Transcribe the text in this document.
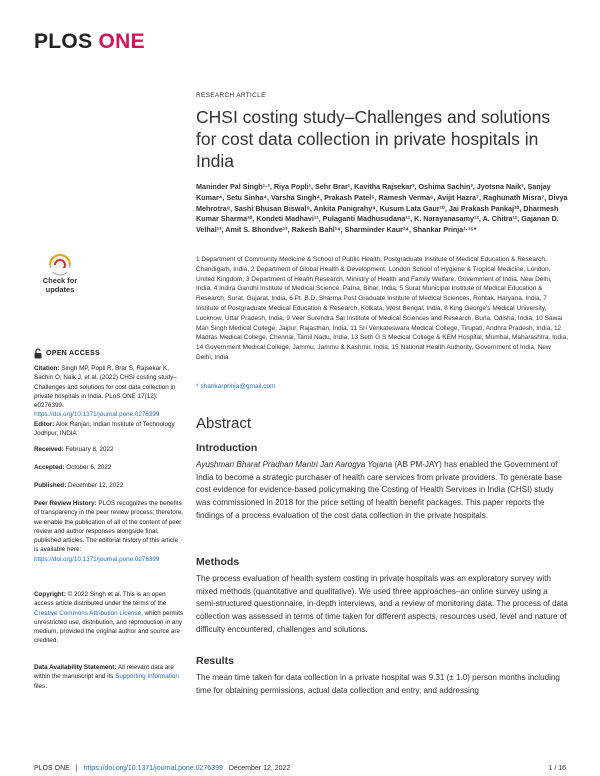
PLOS ONE
Check for
updates
OPEN ACCESS
Citation: Singh MP, Popli R, Brar S, Rajsekar K, Sachin O, Naik J, et al. (2022) CHSI costing study–Challenges and solutions for cost data collection in private hospitals in India. PLoS ONE 17(12): e0276399. https://doi.org/10.1371/journal.pone.0276399
Editor: Alok Ranjan, Indian Institute of Technology Jodhpur, INDIA
Received: February 8, 2022
Accepted: October 6, 2022
Published: December 12, 2022
Peer Review History: PLOS recognizes the benefits of transparency in the peer review process; therefore, we enable the publication of all of the content of peer review and author responses alongside final, published articles. The editorial history of this article is available here: https://doi.org/10.1371/journal.pone.0276399
Copyright: © 2022 Singh et al. This is an open access article distributed under the terms of the Creative Commons Attribution License, which permits unrestricted use, distribution, and reproduction in any medium, provided the original author and source are credited.
Data Availability Statement: All relevant data are within the manuscript and its Supporting Information files.
RESEARCH ARTICLE
CHSI costing study–Challenges and solutions for cost data collection in private hospitals in India
Maninder Pal Singh¹·², Riya Popli¹, Sehr Brar¹, Kavitha Rajsekar³, Oshima Sachin³, Jyotsna Naik³, Sanjay Kumar⁴, Setu Sinha⁴, Varsha Singh⁴, Prakash Patel⁵, Ramesh Verma⁶, Avijit Hazra⁷, Raghunath Misra⁷, Divya Mehrotra⁸, Sashi Bhusan Biswal⁹, Ankita Panigrahy⁹, Kusum Lata Gaur¹⁰, Jai Prakash Pankaj¹⁰, Dharmesh Kumar Sharma¹⁰, Kondeti Madhavi¹¹, Pulaganti Madhusudana¹¹, K. Narayanasamy¹², A. Chitra¹², Gajanan D. Velhal¹³, Amit S. Bhondve¹³, Rakesh Bahl¹⁴, Sharminder Kaur¹⁴, Shankar Prinja¹·¹⁵*
1 Department of Community Medicine & School of Public Health, Postgraduate Institute of Medical Education & Research, Chandigarh, India, 2 Department of Global Health & Development, London School of Hygiene & Tropical Medicine, London, United Kingdom, 3 Department of Health Research, Ministry of Health and Family Welfare, Government of India, New Delhi, India, 4 Indira Gandhi Institute of Medical Science, Patna, Bihar, India, 5 Surat Municipal Institute of Medical Education & Research, Surat, Gujarat, India, 6 Pt. B.D. Sharma Post Graduate Institute of Medical Sciences, Rohtak, Haryana, India, 7 Institute of Postgraduate Medical Education & Research, Kolkata, West Bengal, India, 8 King George's Medical University, Lucknow, Uttar Pradesh, India, 9 Veer Surendra Sai Institute of Medical Sciences and Research, Burla, Odisha, India, 10 Sawai Man Singh Medical College, Jaipur, Rajasthan, India, 11 Sri Venkateswara Medical College, Tirupati, Andhra Pradesh, India, 12 Madras Medical College, Chennai, Tamil Nadu, India, 13 Seth G S Medical College & KEM Hospital, Mumbai, Maharashtra, India, 14 Government Medical College, Jammu, Jammu & Kashmir, India, 15 National Health Authority, Government of India, New Delhi, India
* shankarprinja@gmail.com
Abstract
Introduction
Ayushman Bharat Pradhan Mantri Jan Aarogya Yojana (AB PM-JAY) has enabled the Government of India to become a strategic purchaser of health care services from private providers. To generate base cost evidence for evidence-based policymaking the Costing of Health Services in India (CHSI) study was commissioned in 2018 for the price setting of health benefit packages. This paper reports the findings of a process evaluation of the cost data collection in the private hospitals.
Methods
The process evaluation of health system costing in private hospitals was an exploratory survey with mixed methods (quantitative and qualitative). We used three approaches–an online survey using a semi-structured questionnaire, in-depth interviews, and a review of monitoring data. The process of data collection was assessed in terms of time taken for different aspects, resources used, level and nature of difficulty encountered, challenges and solutions.
Results
The mean time taken for data collection in a private hospital was 9.31 (± 1.0) person months including time for obtaining permissions, actual data collection and entry, and addressing
PLOS ONE | https://doi.org/10.1371/journal.pone.0276399 December 12, 2022	1 / 16
